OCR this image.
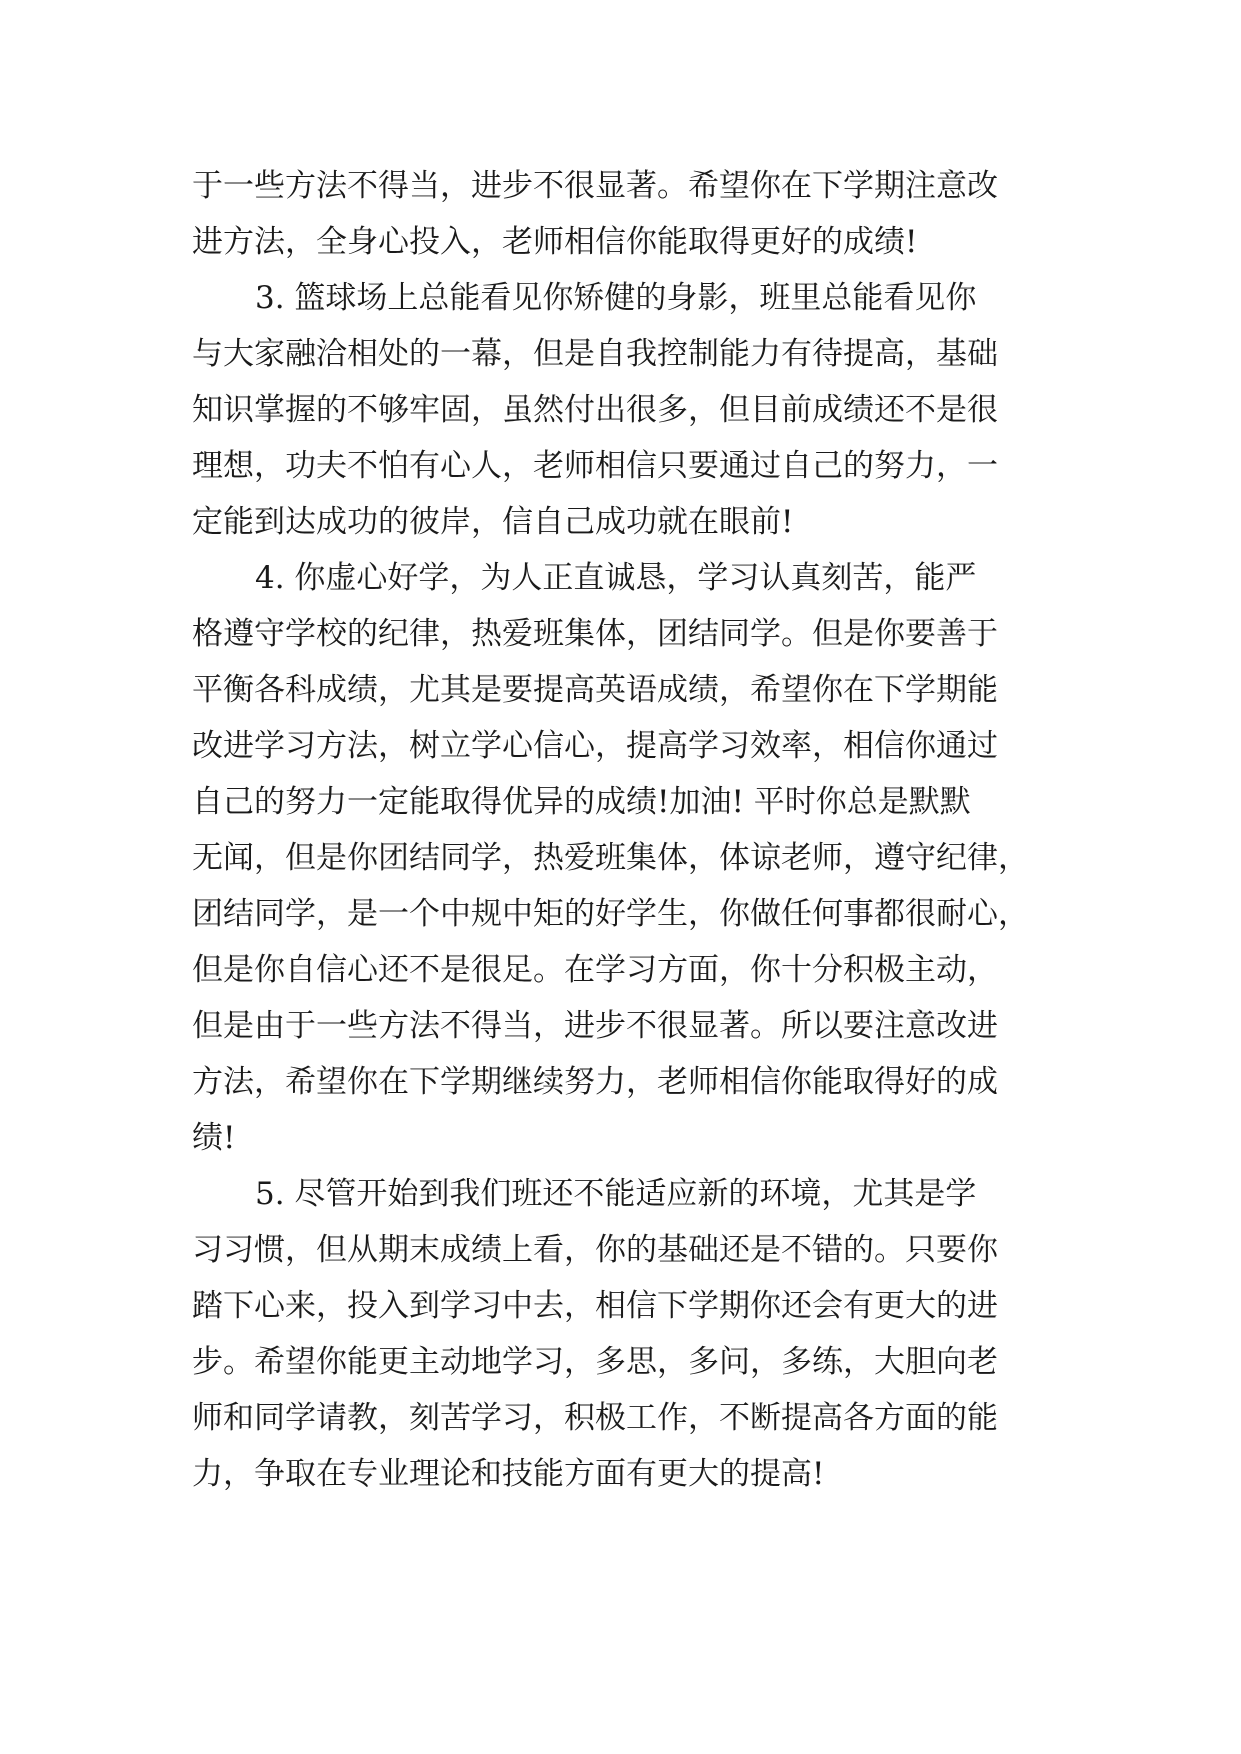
于一些方法不得当，进步不很显著。希望你在下学期注意改
进方法，全身心投入，老师相信你能取得更好的成绩!
3. 篮球场上总能看见你矫健的身影，班里总能看见你
与大家融洽相处的一幕，但是自我控制能力有待提高，基础
知识掌握的不够牢固，虽然付出很多，但目前成绩还不是很
理想，功夫不怕有心人，老师相信只要通过自己的努力，一
定能到达成功的彼岸，信自己成功就在眼前!
4. 你虚心好学，为人正直诚恳，学习认真刻苦，能严
格遵守学校的纪律，热爱班集体，团结同学。但是你要善于
平衡各科成绩，尤其是要提高英语成绩，希望你在下学期能
改进学习方法，树立学心信心，提高学习效率，相信你通过
自己的努力一定能取得优异的成绩!加油! 平时你总是默默
无闻，但是你团结同学，热爱班集体，体谅老师，遵守纪律，
团结同学，是一个中规中矩的好学生，你做任何事都很耐心，
但是你自信心还不是很足。在学习方面，你十分积极主动，
但是由于一些方法不得当，进步不很显著。所以要注意改进
方法，希望你在下学期继续努力，老师相信你能取得好的成
绩!
5. 尽管开始到我们班还不能适应新的环境，尤其是学
习习惯，但从期末成绩上看，你的基础还是不错的。只要你
踏下心来，投入到学习中去，相信下学期你还会有更大的进
步。希望你能更主动地学习，多思，多问，多练，大胆向老
师和同学请教，刻苦学习，积极工作，不断提高各方面的能
力，争取在专业理论和技能方面有更大的提高!
